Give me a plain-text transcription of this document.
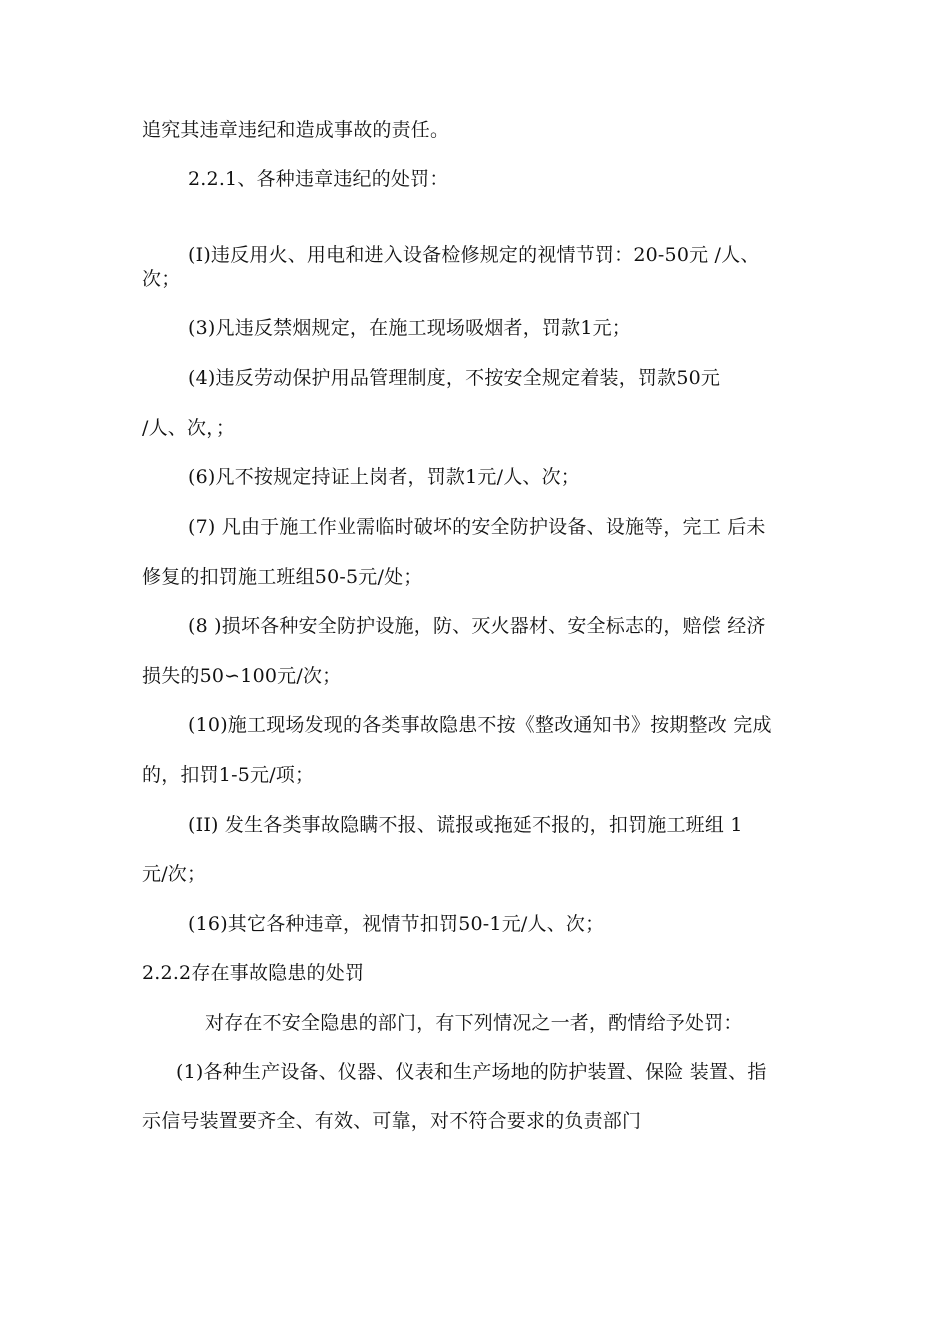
追究其违章违纪和造成事故的责任。
2.2.1、各种违章违纪的处罚：
(I)违反用火、用电和进入设备检修规定的视情节罚：20-50元 /人、
次；
(3)凡违反禁烟规定，在施工现场吸烟者，罚款1元；
(4)违反劳动保护用品管理制度，不按安全规定着装，罚款50元
/人、次，；
(6)凡不按规定持证上岗者，罚款1元/人、次；
(7) 凡由于施工作业需临时破坏的安全防护设备、设施等，完工 后未
修复的扣罚施工班组50-5元/处；
(8 )损坏各种安全防护设施，防、灭火器材、安全标志的，赔偿 经济
损失的50∽100元/次；
(10)施工现场发现的各类事故隐患不按《整改通知书》按期整改 完成
的，扣罚1-5元/项；
(II) 发生各类事故隐瞒不报、谎报或拖延不报的，扣罚施工班组 1
元/次；
(16)其它各种违章，视情节扣罚50-1元/人、次；
2.2.2存在事故隐患的处罚
对存在不安全隐患的部门，有下列情况之一者，酌情给予处罚：
(1)各种生产设备、仪器、仪表和生产场地的防护装置、保险 装置、指
示信号装置要齐全、有效、可靠，对不符合要求的负责部门
